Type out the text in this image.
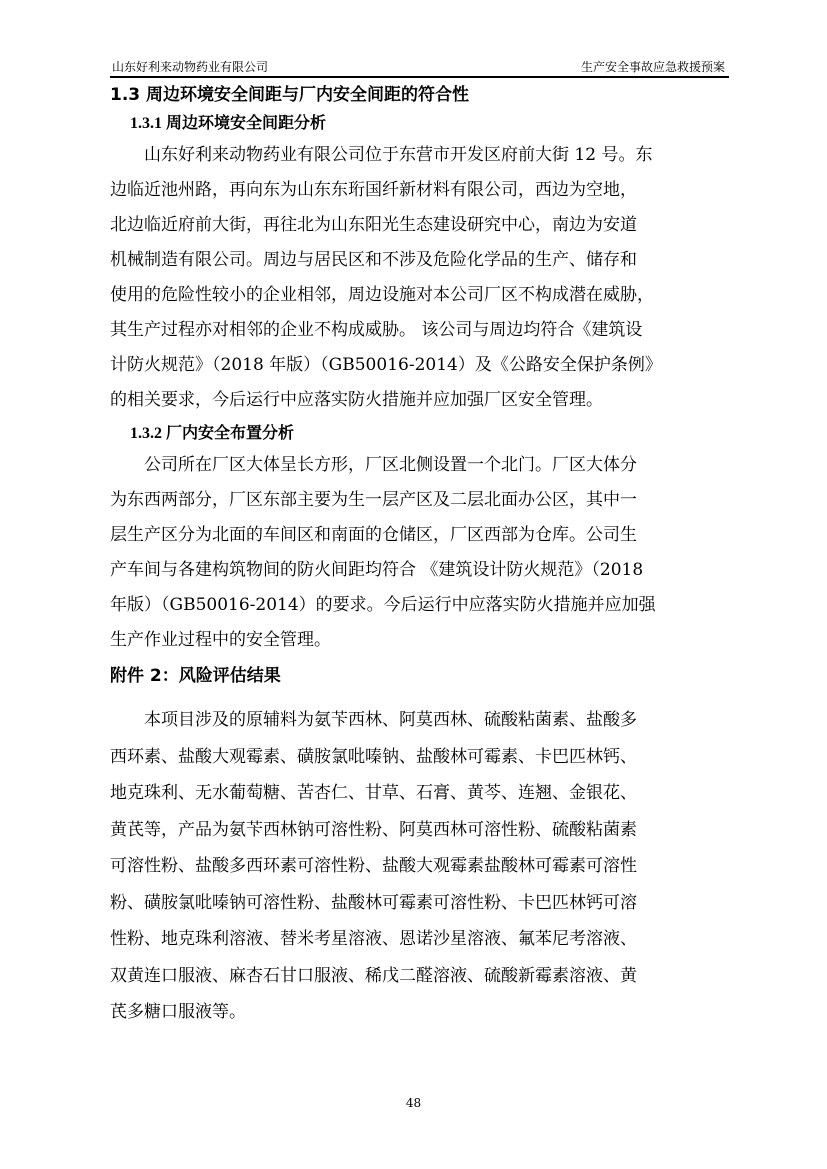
山东好利来动物药业有限公司	生产安全事故应急救援预案
1.3 周边环境安全间距与厂内安全间距的符合性
1.3.1 周边环境安全间距分析
　　山东好利来动物药业有限公司位于东营市开发区府前大街 12 号。东
边临近池州路，再向东为山东东珩国纤新材料有限公司，西边为空地，
北边临近府前大街，再往北为山东阳光生态建设研究中心，南边为安道
机械制造有限公司。周边与居民区和不涉及危险化学品的生产、储存和
使用的危险性较小的企业相邻，周边设施对本公司厂区不构成潜在威胁，
其生产过程亦对相邻的企业不构成威胁。 该公司与周边均符合《建筑设
计防火规范》（2018 年版）（GB50016-2014）及《公路安全保护条例》
的相关要求，今后运行中应落实防火措施并应加强厂区安全管理。
1.3.2 厂内安全布置分析
　　公司所在厂区大体呈长方形，厂区北侧设置一个北门。厂区大体分
为东西两部分，厂区东部主要为生一层产区及二层北面办公区，其中一
层生产区分为北面的车间区和南面的仓储区，厂区西部为仓库。公司生
产车间与各建构筑物间的防火间距均符合 《建筑设计防火规范》（2018
年版）（GB50016-2014）的要求。今后运行中应落实防火措施并应加强
生产作业过程中的安全管理。
附件 2：风险评估结果
　　本项目涉及的原辅料为氨苄西林、阿莫西林、硫酸粘菌素、盐酸多
西环素、盐酸大观霉素、磺胺氯吡嗪钠、盐酸林可霉素、卡巴匹林钙、
地克珠利、无水葡萄糖、苦杏仁、甘草、石膏、黄芩、连翘、金银花、
黄芪等，产品为氨苄西林钠可溶性粉、阿莫西林可溶性粉、硫酸粘菌素
可溶性粉、盐酸多西环素可溶性粉、盐酸大观霉素盐酸林可霉素可溶性
粉、磺胺氯吡嗪钠可溶性粉、盐酸林可霉素可溶性粉、卡巴匹林钙可溶
性粉、地克珠利溶液、替米考星溶液、恩诺沙星溶液、氟苯尼考溶液、
双黄连口服液、麻杏石甘口服液、稀戊二醛溶液、硫酸新霉素溶液、黄
芪多糖口服液等。
48
